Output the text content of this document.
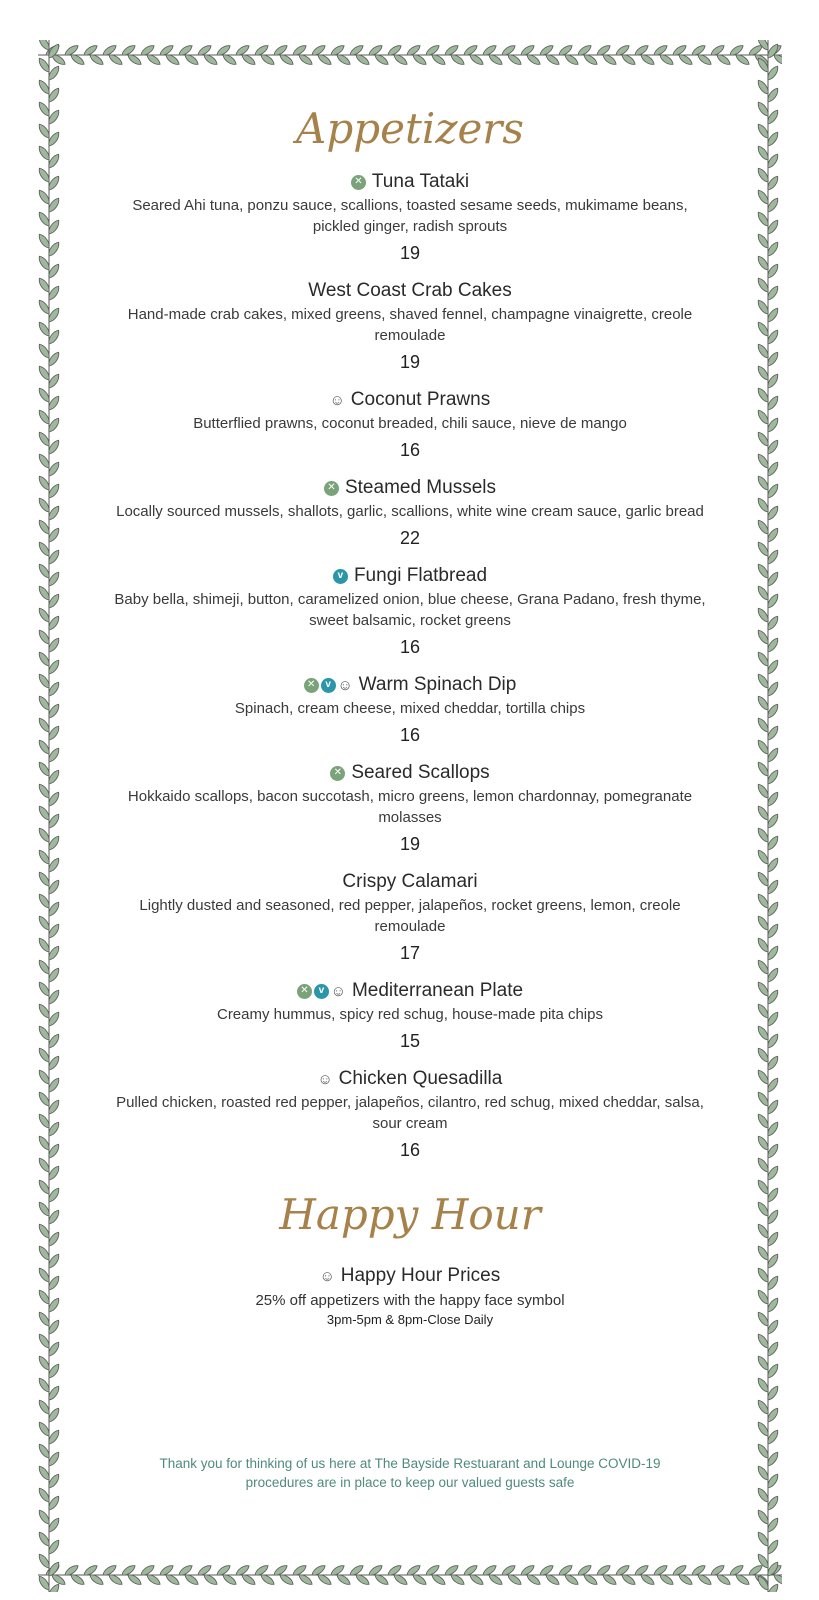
Appetizers
✕ Tuna Tataki
Seared Ahi tuna, ponzu sauce, scallions, toasted sesame seeds, mukimame beans, pickled ginger, radish sprouts
19
West Coast Crab Cakes
Hand-made crab cakes, mixed greens, shaved fennel, champagne vinaigrette, creole remoulade
19
☺ Coconut Prawns
Butterflied prawns, coconut breaded, chili sauce, nieve de mango
16
✕ Steamed Mussels
Locally sourced mussels, shallots, garlic, scallions, white wine cream sauce, garlic bread
22
v Fungi Flatbread
Baby bella, shimeji, button, caramelized onion, blue cheese, Grana Padano, fresh thyme, sweet balsamic, rocket greens
16
✕	v ☺ Warm Spinach Dip
Spinach, cream cheese, mixed cheddar, tortilla chips
16
✕ Seared Scallops
Hokkaido scallops, bacon succotash, micro greens, lemon chardonnay, pomegranate molasses
19
Crispy Calamari
Lightly dusted and seasoned, red pepper, jalapeños, rocket greens, lemon, creole remoulade
17
✕	v ☺ Mediterranean Plate
Creamy hummus, spicy red schug, house-made pita chips
15
☺ Chicken Quesadilla
Pulled chicken, roasted red pepper, jalapeños, cilantro, red schug, mixed cheddar, salsa, sour cream
16
Happy Hour
☺ Happy Hour Prices
25% off appetizers with the happy face symbol
3pm-5pm & 8pm-Close Daily
Thank you for thinking of us here at The Bayside Restuarant and Lounge COVID-19
procedures are in place to keep our valued guests safe
